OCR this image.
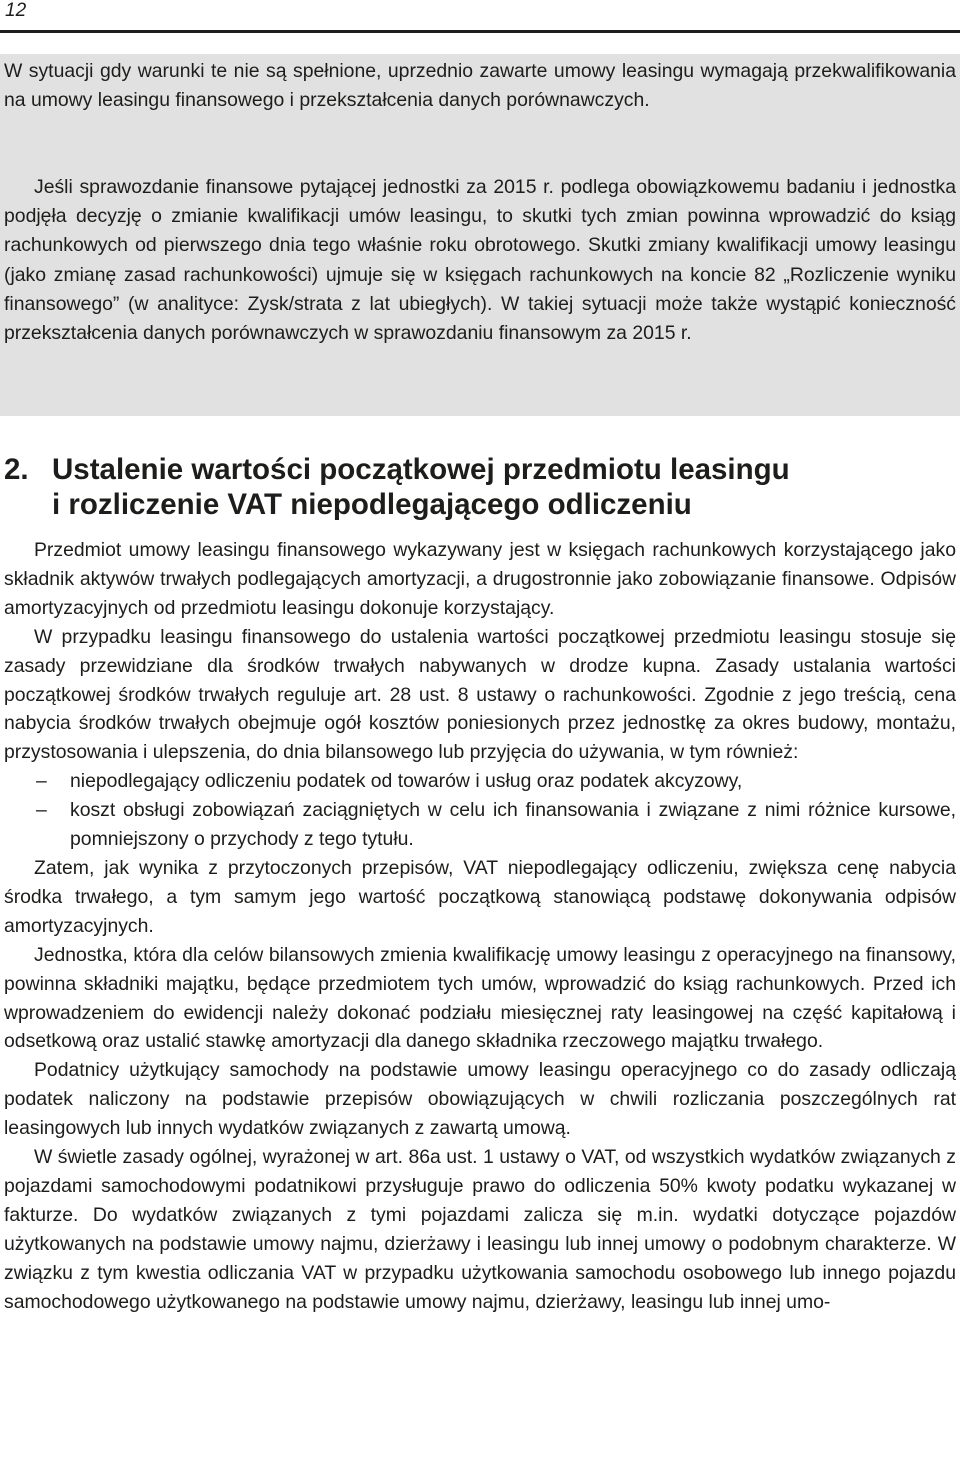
12

W sytuacji gdy warunki te nie są spełnione, uprzednio zawarte umowy leasingu wymagają przekwalifikowania na umowy leasingu finansowego i przekształcenia danych porównawczych.

Jeśli sprawozdanie finansowe pytającej jednostki za 2015 r. podlega obowiązkowemu badaniu i jednostka podjęła decyzję o zmianie kwalifikacji umów leasingu, to skutki tych zmian powinna wprowadzić do ksiąg rachunkowych od pierwszego dnia tego właśnie roku obrotowego. Skutki zmiany kwalifikacji umowy leasingu (jako zmianę zasad rachunkowości) ujmuje się w księgach rachunkowych na koncie 82 „Rozliczenie wyniku finansowego” (w analityce: Zysk/strata z lat ubiegłych). W takiej sytuacji może także wystąpić konieczność przekształcenia danych porównawczych w sprawozdaniu finansowym za 2015 r.

2. Ustalenie wartości początkowej przedmiotu leasingu
i rozliczenie VAT niepodlegającego odliczeniu

Przedmiot umowy leasingu finansowego wykazywany jest w księgach rachunkowych korzystającego jako składnik aktywów trwałych podlegających amortyzacji, a drugostronnie jako zobowiązanie finansowe. Odpisów amortyzacyjnych od przedmiotu leasingu dokonuje korzystający.

W przypadku leasingu finansowego do ustalenia wartości początkowej przedmiotu leasingu stosuje się zasady przewidziane dla środków trwałych nabywanych w drodze kupna. Zasady ustalania wartości początkowej środków trwałych reguluje art. 28 ust. 8 ustawy o rachunkowości. Zgodnie z jego treścią, cena nabycia środków trwałych obejmuje ogół kosztów poniesionych przez jednostkę za okres budowy, montażu, przystosowania i ulepszenia, do dnia bilansowego lub przyjęcia do używania, w tym również:

– niepodlegający odliczeniu podatek od towarów i usług oraz podatek akcyzowy,

– koszt obsługi zobowiązań zaciągniętych w celu ich finansowania i związane z nimi różnice kursowe, pomniejszony o przychody z tego tytułu.

Zatem, jak wynika z przytoczonych przepisów, VAT niepodlegający odliczeniu, zwiększa cenę nabycia środka trwałego, a tym samym jego wartość początkową stanowiącą podstawę dokonywania odpisów amortyzacyjnych.

Jednostka, która dla celów bilansowych zmienia kwalifikację umowy leasingu z operacyjnego na finansowy, powinna składniki majątku, będące przedmiotem tych umów, wprowadzić do ksiąg rachunkowych. Przed ich wprowadzeniem do ewidencji należy dokonać podziału miesięcznej raty leasingowej na część kapitałową i odsetkową oraz ustalić stawkę amortyzacji dla danego składnika rzeczowego majątku trwałego.

Podatnicy użytkujący samochody na podstawie umowy leasingu operacyjnego co do zasady odliczają podatek naliczony na podstawie przepisów obowiązujących w chwili rozliczania poszczególnych rat leasingowych lub innych wydatków związanych z zawartą umową.

W świetle zasady ogólnej, wyrażonej w art. 86a ust. 1 ustawy o VAT, od wszystkich wydatków związanych z pojazdami samochodowymi podatnikowi przysługuje prawo do odliczenia 50% kwoty podatku wykazanej w fakturze. Do wydatków związanych z tymi pojazdami zalicza się m.in. wydatki dotyczące pojazdów użytkowanych na podstawie umowy najmu, dzierżawy i leasingu lub innej umowy o podobnym charakterze. W związku z tym kwestia odliczania VAT w przypadku użytkowania samochodu osobowego lub innego pojazdu samochodowego użytkowanego na podstawie umowy najmu, dzierżawy, leasingu lub innej umo-
